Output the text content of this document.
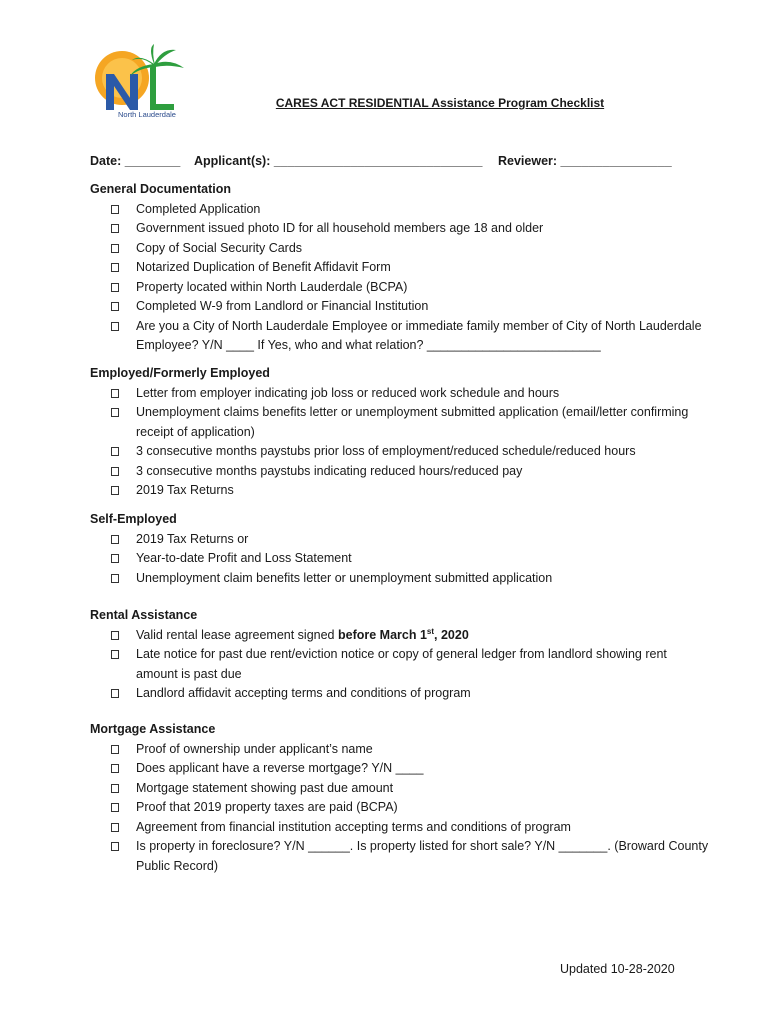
North Lauderdale
CARES ACT RESIDENTIAL Assistance Program Checklist
Date: ________ Applicant(s): ______________________________ Reviewer: ________________
General Documentation
Completed Application
Government issued photo ID for all household members age 18 and older
Copy of Social Security Cards
Notarized Duplication of Benefit Affidavit Form
Property located within North Lauderdale (BCPA)
Completed W-9 from Landlord or Financial Institution
Are you a City of North Lauderdale Employee or immediate family member of City of North Lauderdale Employee? Y/N ____ If Yes, who and what relation? _________________________
Employed/Formerly Employed
Letter from employer indicating job loss or reduced work schedule and hours
Unemployment claims benefits letter or unemployment submitted application (email/letter confirming receipt of application)
3 consecutive months paystubs prior loss of employment/reduced schedule/reduced hours
3 consecutive months paystubs indicating reduced hours/reduced pay
2019 Tax Returns
Self-Employed
2019 Tax Returns or
Year-to-date Profit and Loss Statement
Unemployment claim benefits letter or unemployment submitted application
Rental Assistance
Valid rental lease agreement signed before March 1st, 2020
Late notice for past due rent/eviction notice or copy of general ledger from landlord showing rent amount is past due
Landlord affidavit accepting terms and conditions of program
Mortgage Assistance
Proof of ownership under applicant’s name
Does applicant have a reverse mortgage? Y/N ____
Mortgage statement showing past due amount
Proof that 2019 property taxes are paid (BCPA)
Agreement from financial institution accepting terms and conditions of program
Is property in foreclosure? Y/N ______. Is property listed for short sale? Y/N _______. (Broward County Public Record)
Updated 10-28-2020
